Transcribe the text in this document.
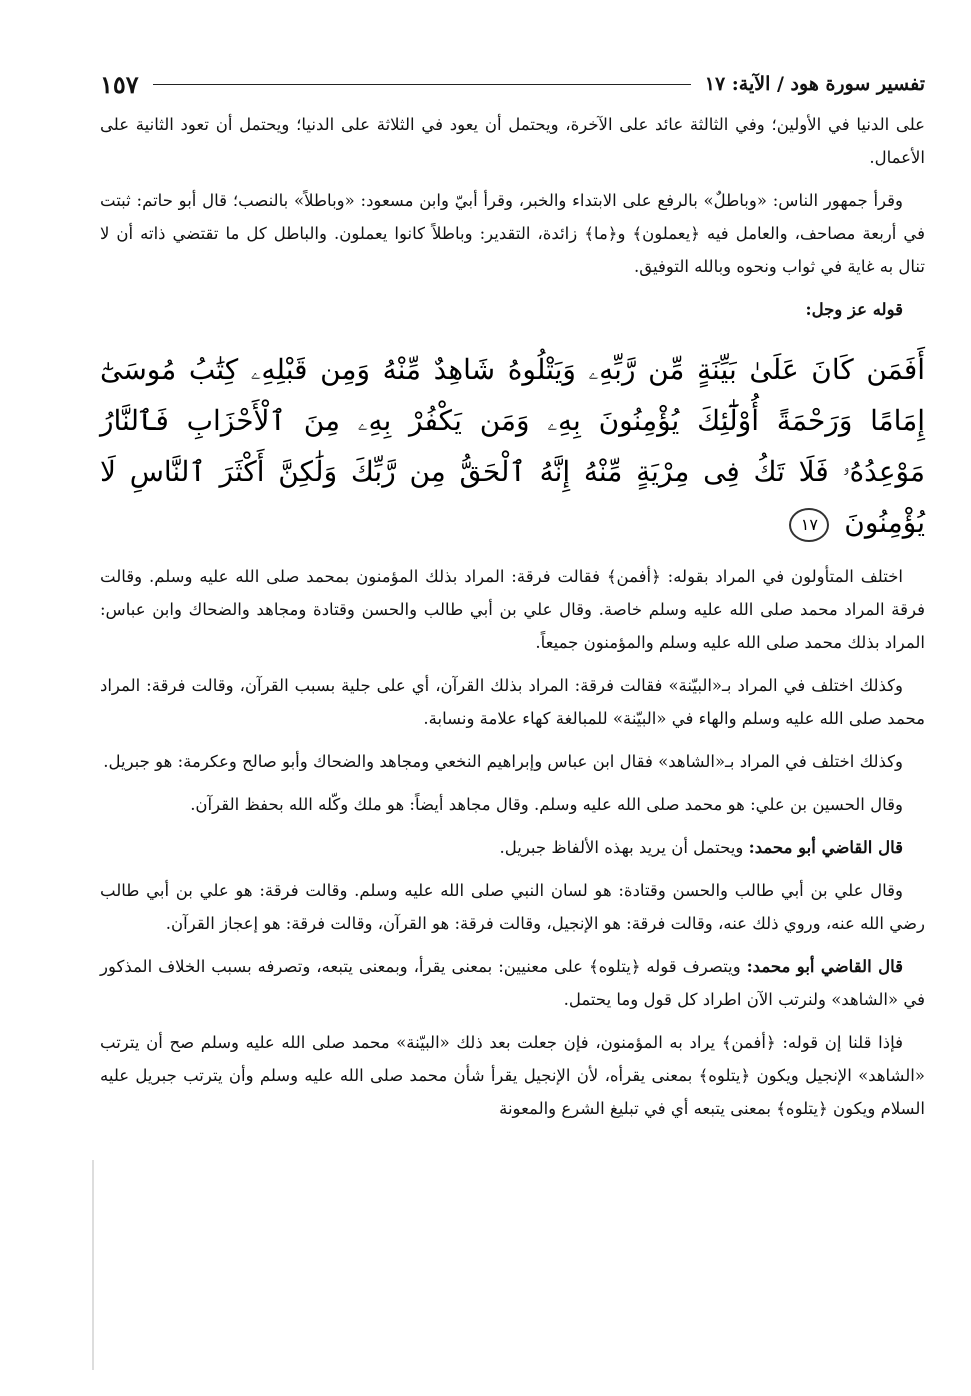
تفسير سورة هود / الآية: ١٧
١٥٧

على الدنيا في الأولين؛ وفي الثالثة عائد على الآخرة، ويحتمل أن يعود في الثلاثة على الدنيا؛ ويحتمل أن تعود الثانية على الأعمال.

وقرأ جمهور الناس: «وباطلٌ» بالرفع على الابتداء والخبر، وقرأ أبيّ وابن مسعود: «وباطلاً» بالنصب؛ قال أبو حاتم: ثبتت في أربعة مصاحف، والعامل فيه ﴿يعملون﴾ و﴿ما﴾ زائدة، التقدير: وباطلاً كانوا يعملون. والباطل كل ما تقتضي ذاته أن لا تنال به غاية في ثواب ونحوه وبالله التوفيق.

قوله عز وجل:

أَفَمَن كَانَ عَلَىٰ بَيِّنَةٍ مِّن رَّبِّهِۦ وَيَتْلُوهُ شَاهِدٌ مِّنْهُ وَمِن قَبْلِهِۦ كِتَٰبُ مُوسَىٰٓ إِمَامًا وَرَحْمَةً أُوْلَٰٓئِكَ يُؤْمِنُونَ بِهِۦ وَمَن يَكْفُرْ بِهِۦ مِنَ ٱلْأَحْزَابِ فَٱلنَّارُ مَوْعِدُهُۥ فَلَا تَكُ فِى مِرْيَةٍ مِّنْهُ إِنَّهُ ٱلْحَقُّ مِن رَّبِّكَ وَلَٰكِنَّ أَكْثَرَ ٱلنَّاسِ لَا يُؤْمِنُونَ ١٧

اختلف المتأولون في المراد بقوله: ﴿أفمن﴾ فقالت فرقة: المراد بذلك المؤمنون بمحمد صلى الله عليه وسلم. وقالت فرقة المراد محمد صلى الله عليه وسلم خاصة. وقال علي بن أبي طالب والحسن وقتادة ومجاهد والضحاك وابن عباس: المراد بذلك محمد صلى الله عليه وسلم والمؤمنون جميعاً.

وكذلك اختلف في المراد بـ«البيّنة» فقالت فرقة: المراد بذلك القرآن، أي على جلية بسبب القرآن، وقالت فرقة: المراد محمد صلى الله عليه وسلم والهاء في «البيّنة» للمبالغة كهاء علامة ونسابة.

وكذلك اختلف في المراد بـ«الشاهد» فقال ابن عباس وإبراهيم النخعي ومجاهد والضحاك وأبو صالح وعكرمة: هو جبريل.

وقال الحسين بن علي: هو محمد صلى الله عليه وسلم. وقال مجاهد أيضاً: هو ملك وكّله الله بحفظ القرآن.

قال القاضي أبو محمد: ويحتمل أن يريد بهذه الألفاظ جبريل.

وقال علي بن أبي طالب والحسن وقتادة: هو لسان النبي صلى الله عليه وسلم. وقالت فرقة: هو علي بن أبي طالب رضي الله عنه، وروي ذلك عنه، وقالت فرقة: هو الإنجيل، وقالت فرقة: هو القرآن، وقالت فرقة: هو إعجاز القرآن.

قال القاضي أبو محمد: ويتصرف قوله ﴿يتلوه﴾ على معنيين: بمعنى يقرأ، وبمعنى يتبعه، وتصرفه بسبب الخلاف المذكور في «الشاهد» ولنرتب الآن اطراد كل قول وما يحتمل.

فإذا قلنا إن قوله: ﴿أفمن﴾ يراد به المؤمنون، فإن جعلت بعد ذلك «البيّنة» محمد صلى الله عليه وسلم صح أن يترتب «الشاهد» الإنجيل ويكون ﴿يتلوه﴾ بمعنى يقرأه، لأن الإنجيل يقرأ شأن محمد صلى الله عليه وسلم وأن يترتب جبريل عليه السلام ويكون ﴿يتلوه﴾ بمعنى يتبعه أي في تبليغ الشرع والمعونة
